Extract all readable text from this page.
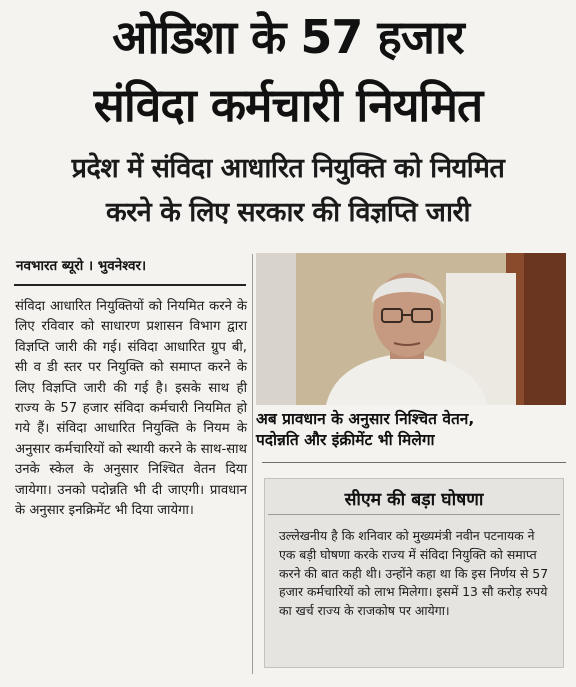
ओडिशा के 57 हजार
संविदा कर्मचारी नियमित
प्रदेश में संविदा आधारित नियुक्ति को नियमित
करने के लिए सरकार की विज्ञप्ति जारी
नवभारत ब्यूरो । भुवनेश्वर।
संविदा आधारित नियुक्तियों को नियमित करने के लिए रविवार को साधारण प्रशासन विभाग द्वारा विज्ञप्ति जारी की गई। संविदा आधारित ग्रुप बी, सी व डी स्तर पर नियुक्ति को समाप्त करने के लिए विज्ञप्ति जारी की गई है। इसके साथ ही राज्य के 57 हजार संविदा कर्मचारी नियमित हो गये हैं। संविदा आधारित नियुक्ति के नियम के अनुसार कर्मचारियों को स्थायी करने के साथ-साथ उनके स्केल के अनुसार निश्चित वेतन दिया जायेगा। उनको पदोन्नति भी दी जाएगी। प्रावधान के अनुसार इनक्रिमेंट भी दिया जायेगा।
अब प्रावधान के अनुसार निश्चित वेतन,
पदोन्नति और इंक्रीमेंट भी मिलेगा
सीएम की बड़ा घोषणा
उल्लेखनीय है कि शनिवार को मुख्यमंत्री नवीन पटनायक ने एक बड़ी घोषणा करके राज्य में संविदा नियुक्ति को समाप्त करने की बात कही थी। उन्होंने कहा था कि इस निर्णय से 57 हजार कर्मचारियों को लाभ मिलेगा। इसमें 13 सौ करोड़ रुपये का खर्च राज्य के राजकोष पर आयेगा।
